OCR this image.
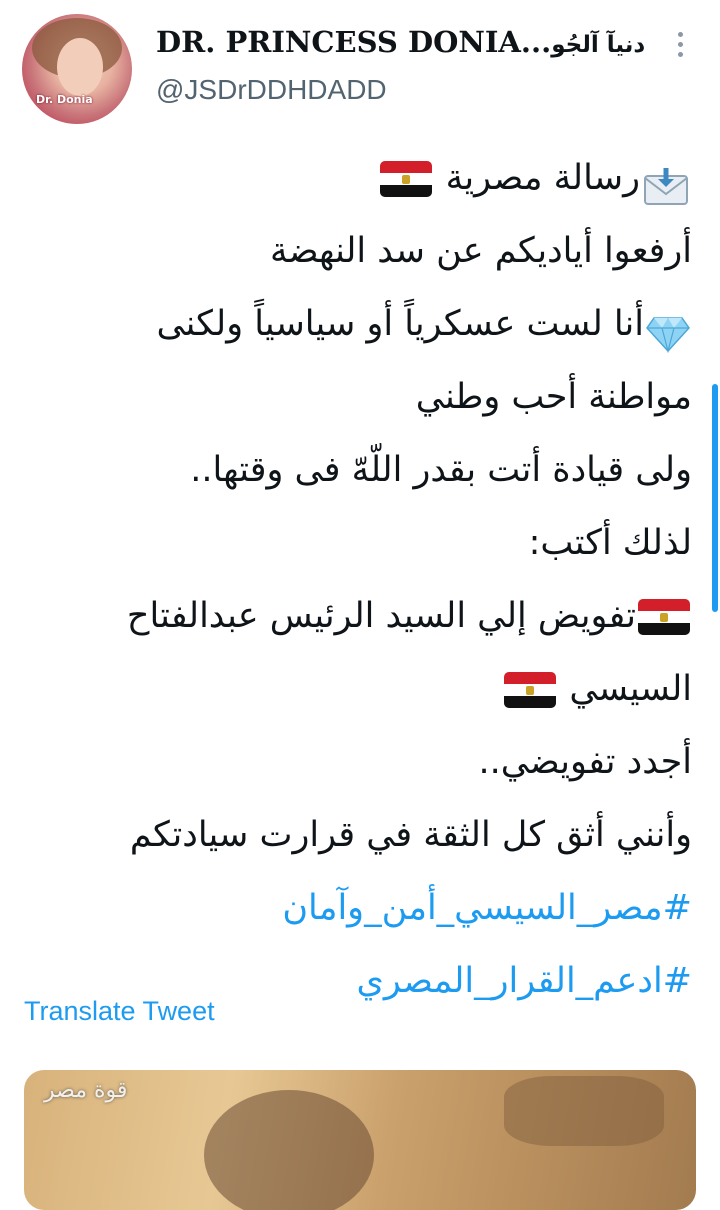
Dr. Donia
DR. PRINCESS DONIA...دنيآ آلجُو
@JSDrDDHDADD
رسالة مصرية
أرفعوا أياديكم عن سد النهضة
أنا لست عسكرياً أو سياسياً ولكنى
مواطنة أحب وطني
ولى قيادة أتت بقدر اللّهّ فى وقتها..
لذلك أكتب:
تفويض إلي السيد الرئيس عبدالفتاح
السيسي
أجدد تفويضي..
وأنني أثق كل الثقة في قرارت سيادتكم
#مصر_السيسي_أمن_وآمان
#ادعم_القرار_المصري
Translate Tweet
قوة مصر
